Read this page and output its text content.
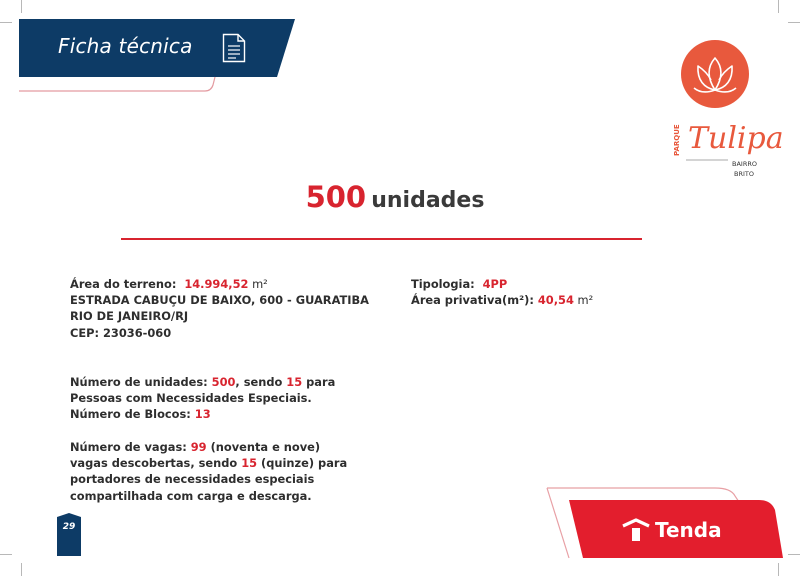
Ficha técnica
PARQUE Tulipa
BAIRRO
BRITO
500 unidades
Área do terreno: 14.994,52 m²
ESTRADA CABUÇU DE BAIXO, 600 - GUARATIBA
RIO DE JANEIRO/RJ
CEP: 23036-060
Tipologia: 4PP
Área privativa(m²): 40,54 m²
Número de unidades: 500, sendo 15 para
Pessoas com Necessidades Especiais.
Número de Blocos: 13
Número de vagas: 99 (noventa e nove)
vagas descobertas, sendo 15 (quinze) para
portadores de necessidades especiais
compartilhada com carga e descarga.
29	Tenda
